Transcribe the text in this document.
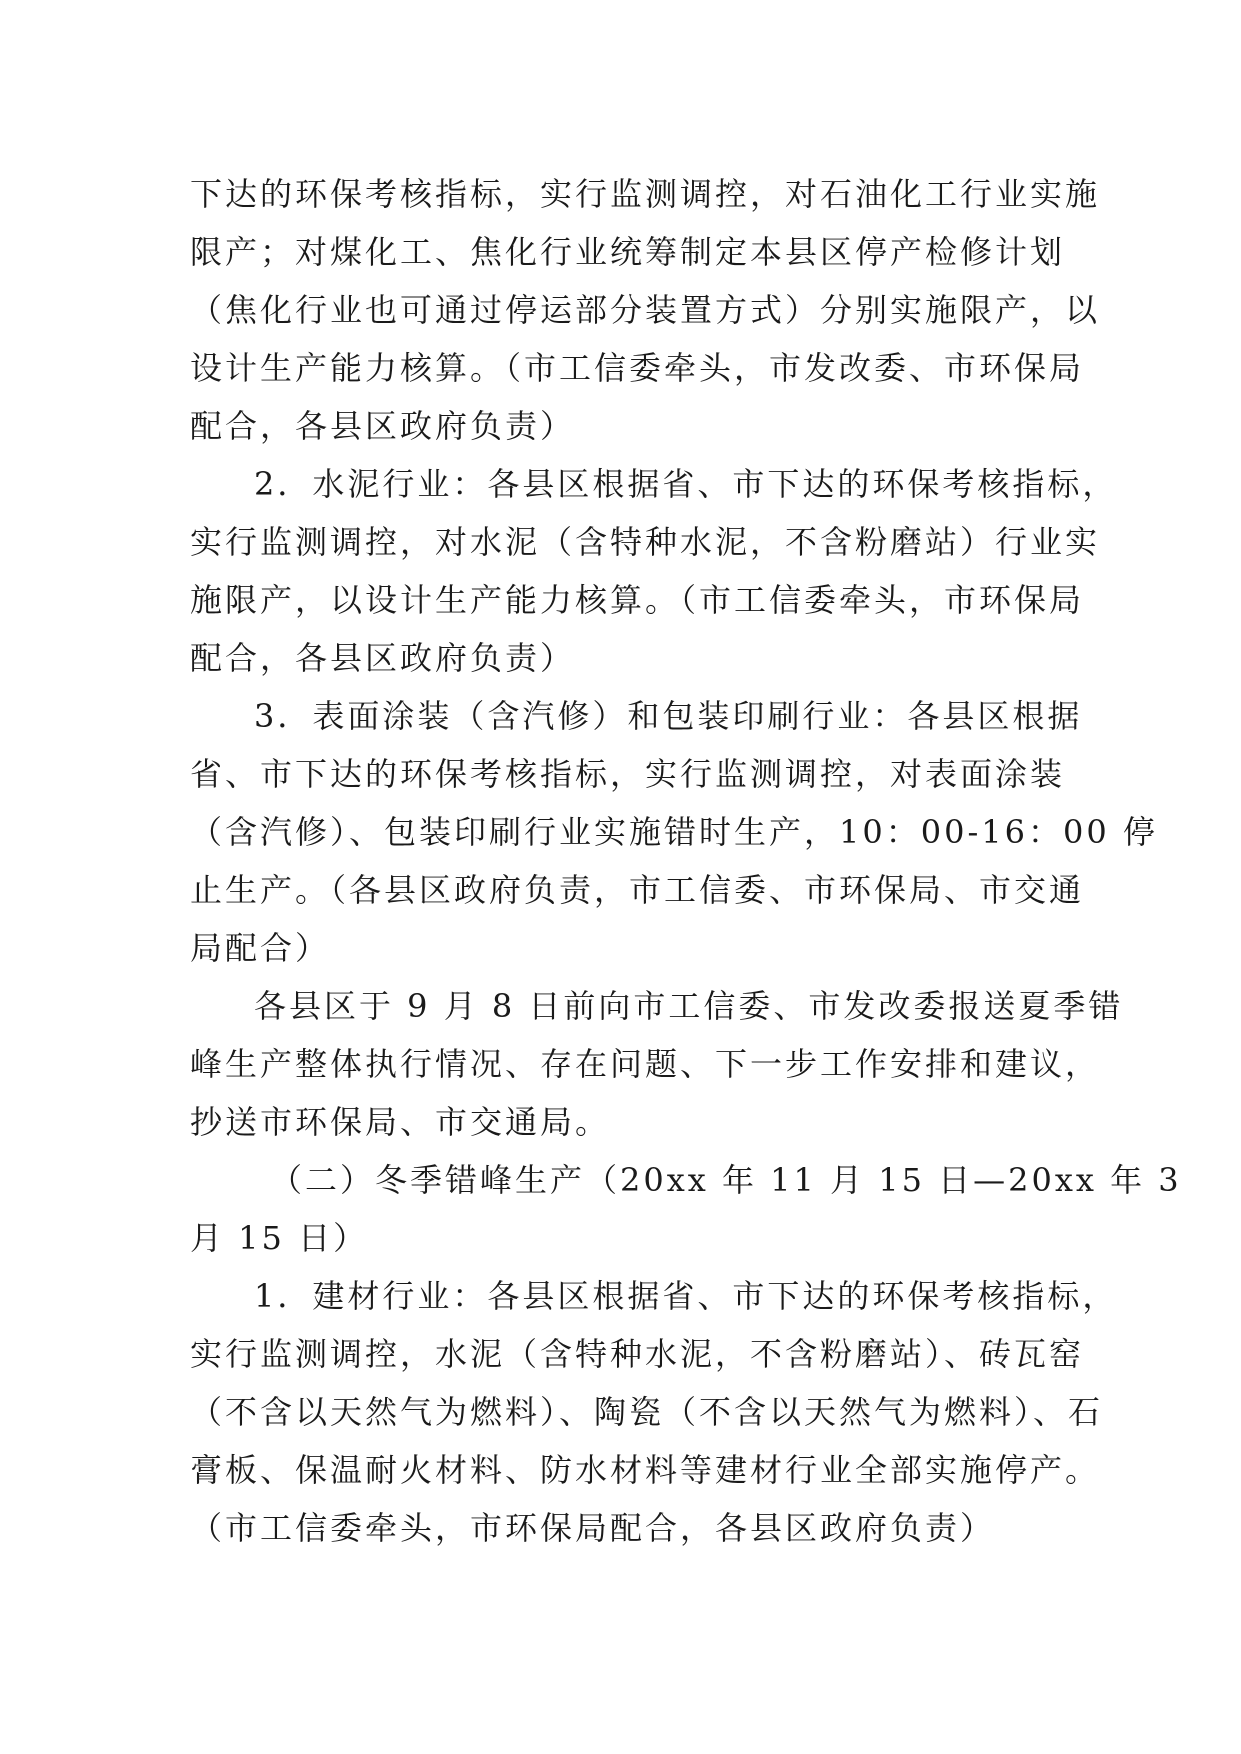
下达的环保考核指标，实行监测调控，对石油化工行业实施
限产；对煤化工、焦化行业统筹制定本县区停产检修计划
（焦化行业也可通过停运部分装置方式）分别实施限产，以
设计生产能力核算。（市工信委牵头，市发改委、市环保局
配合，各县区政府负责）
2．水泥行业：各县区根据省、市下达的环保考核指标，
实行监测调控，对水泥（含特种水泥，不含粉磨站）行业实
施限产，以设计生产能力核算。（市工信委牵头，市环保局
配合，各县区政府负责）
3．表面涂装（含汽修）和包装印刷行业：各县区根据
省、市下达的环保考核指标，实行监测调控，对表面涂装
（含汽修）、包装印刷行业实施错时生产，10：00-16：00 停
止生产。（各县区政府负责，市工信委、市环保局、市交通
局配合）
各县区于 9 月 8 日前向市工信委、市发改委报送夏季错
峰生产整体执行情况、存在问题、下一步工作安排和建议，
抄送市环保局、市交通局。
（二）冬季错峰生产（20xx 年 11 月 15 日—20xx 年 3
月 15 日）
1．建材行业：各县区根据省、市下达的环保考核指标，
实行监测调控，水泥（含特种水泥，不含粉磨站）、砖瓦窑
（不含以天然气为燃料）、陶瓷（不含以天然气为燃料）、石
膏板、保温耐火材料、防水材料等建材行业全部实施停产。
（市工信委牵头，市环保局配合，各县区政府负责）
